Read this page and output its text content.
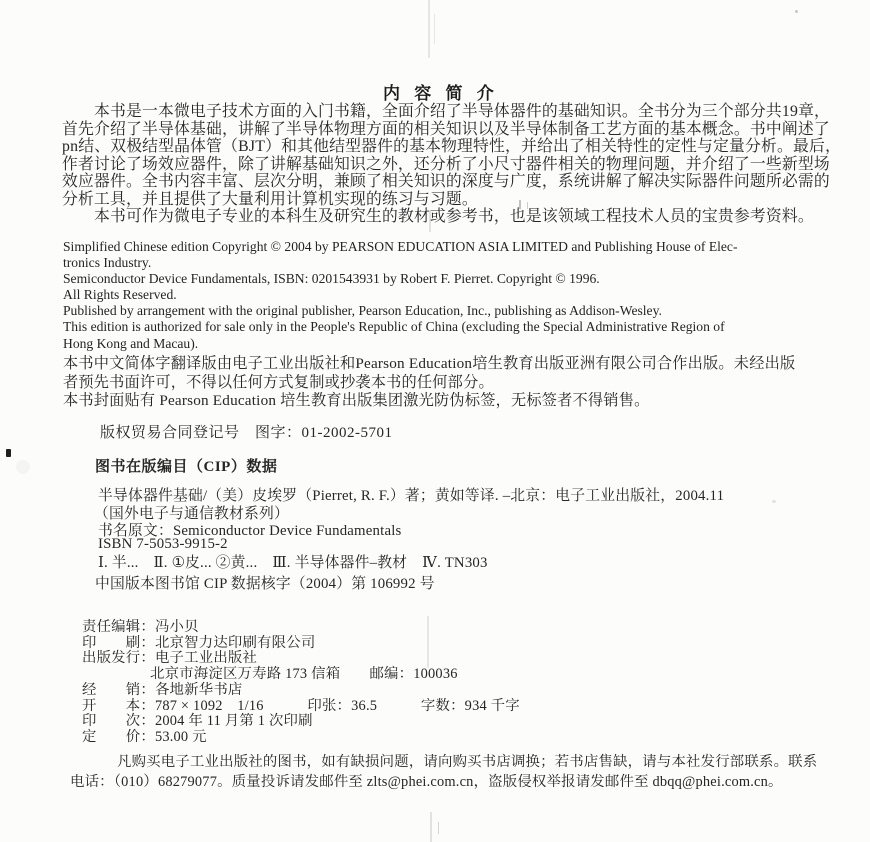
内 容 简 介
本书是一本微电子技术方面的入门书籍，全面介绍了半导体器件的基础知识。全书分为三个部分共19章，
首先介绍了半导体基础，讲解了半导体物理方面的相关知识以及半导体制备工艺方面的基本概念。书中阐述了
pn结、双极结型晶体管（BJT）和其他结型器件的基本物理特性，并给出了相关特性的定性与定量分析。最后，
作者讨论了场效应器件，除了讲解基础知识之外，还分析了小尺寸器件相关的物理问题，并介绍了一些新型场
效应器件。全书内容丰富、层次分明，兼顾了相关知识的深度与广度，系统讲解了解决实际器件问题所必需的
分析工具，并且提供了大量利用计算机实现的练习与习题。
本书可作为微电子专业的本科生及研究生的教材或参考书，也是该领域工程技术人员的宝贵参考资料。
Simplified Chinese edition Copyright © 2004 by PEARSON EDUCATION ASIA LIMITED and Publishing House of Elec-
tronics Industry.
Semiconductor Device Fundamentals, ISBN: 0201543931 by Robert F. Pierret. Copyright © 1996.
All Rights Reserved.
Published by arrangement with the original publisher, Pearson Education, Inc., publishing as Addison-Wesley.
This edition is authorized for sale only in the People's Republic of China (excluding the Special Administrative Region of
Hong Kong and Macau).
本书中文简体字翻译版由电子工业出版社和Pearson Education培生教育出版亚洲有限公司合作出版。未经出版
者预先书面许可，不得以任何方式复制或抄袭本书的任何部分。
本书封面贴有 Pearson Education 培生教育出版集团激光防伪标签，无标签者不得销售。
版权贸易合同登记号　图字：01-2002-5701
图书在版编目（CIP）数据
半导体器件基础/（美）皮埃罗（Pierret, R. F.）著；黄如等译. –北京：电子工业出版社，2004.11
（国外电子与通信教材系列）
书名原文：Semiconductor Device Fundamentals
ISBN 7-5053-9915-2
Ⅰ. 半...　Ⅱ. ①皮... ②黄...　Ⅲ. 半导体器件–教材　Ⅳ. TN303
中国版本图书馆 CIP 数据核字（2004）第 106992 号
责任编辑：冯小贝
印　　刷：北京智力达印刷有限公司
出版发行：电子工业出版社
北京市海淀区万寿路 173 信箱　　邮编：100036
经　　销：各地新华书店
开　　本：787 × 1092　1/16　　　印张：36.5　　　字数：934 千字
印　　次：2004 年 11 月第 1 次印刷
定　　价：53.00 元
凡购买电子工业出版社的图书，如有缺损问题，请向购买书店调换；若书店售缺，请与本社发行部联系。联系
电话：（010）68279077。质量投诉请发邮件至 zlts@phei.com.cn，盗版侵权举报请发邮件至 dbqq@phei.com.cn。
